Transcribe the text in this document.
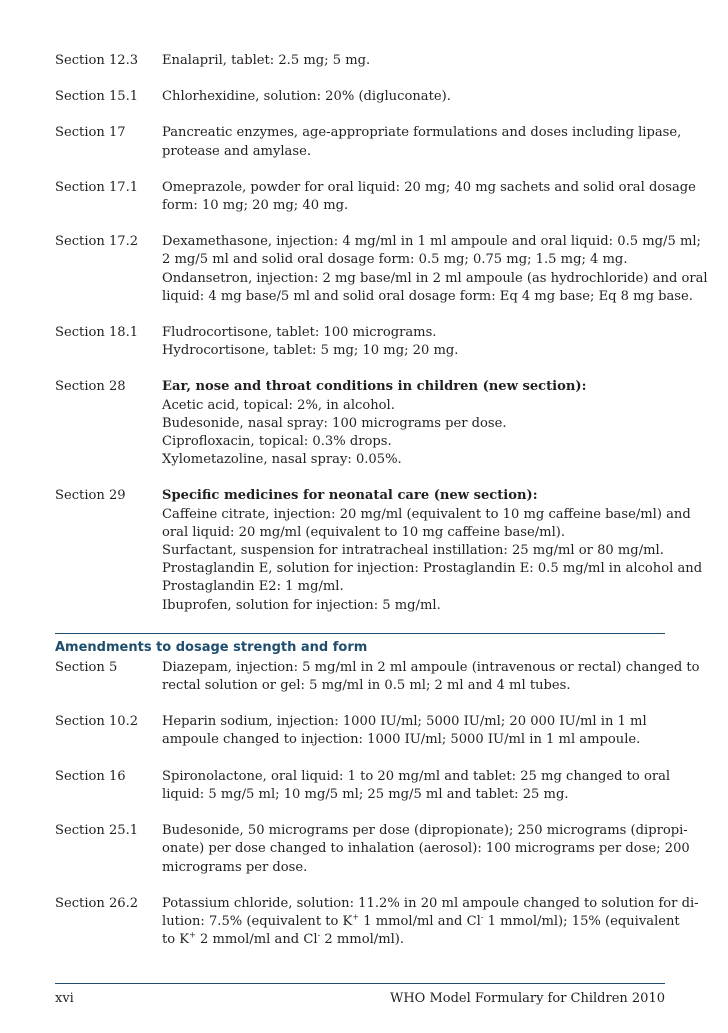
Section 12.3	Enalapril, tablet: 2.5 mg; 5 mg.
Section 15.1	Chlorhexidine, solution: 20% (digluconate).
Section 17	Pancreatic enzymes, age-appropriate formulations and doses including lipase,
protease and amylase.
Section 17.1	Omeprazole, powder for oral liquid: 20 mg; 40 mg sachets and solid oral dosage
form: 10 mg; 20 mg; 40 mg.
Section 17.2	Dexamethasone, injection: 4 mg/ml in 1 ml ampoule and oral liquid: 0.5 mg/5 ml;
2 mg/5 ml and solid oral dosage form: 0.5 mg; 0.75 mg; 1.5 mg; 4 mg.
Ondansetron, injection: 2 mg base/ml in 2 ml ampoule (as hydrochloride) and oral
liquid: 4 mg base/5 ml and solid oral dosage form: Eq 4 mg base; Eq 8 mg base.
Section 18.1	Fludrocortisone, tablet: 100 micrograms.
Hydrocortisone, tablet: 5 mg; 10 mg; 20 mg.
Section 28	Ear, nose and throat conditions in children (new section):
Acetic acid, topical: 2%, in alcohol.
Budesonide, nasal spray: 100 micrograms per dose.
Ciprofloxacin, topical: 0.3% drops.
Xylometazoline, nasal spray: 0.05%.
Section 29	Specific medicines for neonatal care (new section):
Caffeine citrate, injection: 20 mg/ml (equivalent to 10 mg caffeine base/ml) and
oral liquid: 20 mg/ml (equivalent to 10 mg caffeine base/ml).
Surfactant, suspension for intratracheal instillation: 25 mg/ml or 80 mg/ml.
Prostaglandin E, solution for injection: Prostaglandin E: 0.5 mg/ml in alcohol and
Prostaglandin E2: 1 mg/ml.
Ibuprofen, solution for injection: 5 mg/ml.
Amendments to dosage strength and form
Section 5	Diazepam, injection: 5 mg/ml in 2 ml ampoule (intravenous or rectal) changed to
rectal solution or gel: 5 mg/ml in 0.5 ml; 2 ml and 4 ml tubes.
Section 10.2	Heparin sodium, injection: 1000 IU/ml; 5000 IU/ml; 20 000 IU/ml in 1 ml
ampoule changed to injection: 1000 IU/ml; 5000 IU/ml in 1 ml ampoule.
Section 16	Spironolactone, oral liquid: 1 to 20 mg/ml and tablet: 25 mg changed to oral
liquid: 5 mg/5 ml; 10 mg/5 ml; 25 mg/5 ml and tablet: 25 mg.
Section 25.1	Budesonide, 50 micrograms per dose (dipropionate); 250 micrograms (dipropi-
onate) per dose changed to inhalation (aerosol): 100 micrograms per dose; 200
micrograms per dose.
Section 26.2	Potassium chloride, solution: 11.2% in 20 ml ampoule changed to solution for di-
lution: 7.5% (equivalent to K+ 1 mmol/ml and Cl- 1 mmol/ml); 15% (equivalent
to K+ 2 mmol/ml and Cl- 2 mmol/ml).
xvi	WHO Model Formulary for Children 2010
